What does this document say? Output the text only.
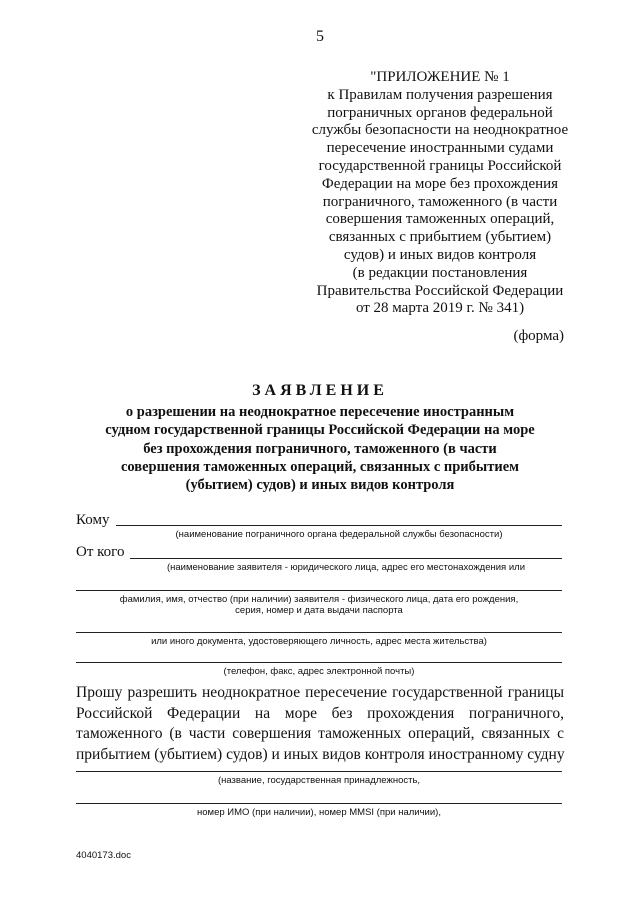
5
"ПРИЛОЖЕНИЕ № 1
к Правилам получения разрешения
пограничных органов федеральной
службы безопасности на неоднократное
пересечение иностранными судами
государственной границы Российской
Федерации на море без прохождения
пограничного, таможенного (в части
совершения таможенных операций,
связанных с прибытием (убытием)
судов) и иных видов контроля
(в редакции постановления
Правительства Российской Федерации
от 28 марта 2019 г. № 341)
(форма)
ЗАЯВЛЕНИЕ
о разрешении на неоднократное пересечение иностранным
судном государственной границы Российской Федерации на море
без прохождения пограничного, таможенного (в части
совершения таможенных операций, связанных с прибытием
(убытием) судов) и иных видов контроля
Кому
(наименование пограничного органа федеральной службы безопасности)
От кого
(наименование заявителя - юридического лица, адрес его местонахождения или
фамилия, имя, отчество (при наличии) заявителя - физического лица, дата его рождения,
серия, номер и дата выдачи паспорта
или иного документа, удостоверяющего личность, адрес места жительства)
(телефон, факс, адрес электронной почты)
Прошу разрешить неоднократное пересечение государственной границы
Российской Федерации на море без прохождения пограничного,
таможенного (в части совершения таможенных операций, связанных с
прибытием (убытием) судов) и иных видов контроля иностранному судну
(название, государственная принадлежность,
номер ИМО (при наличии), номер MMSI (при наличии),
4040173.doc
